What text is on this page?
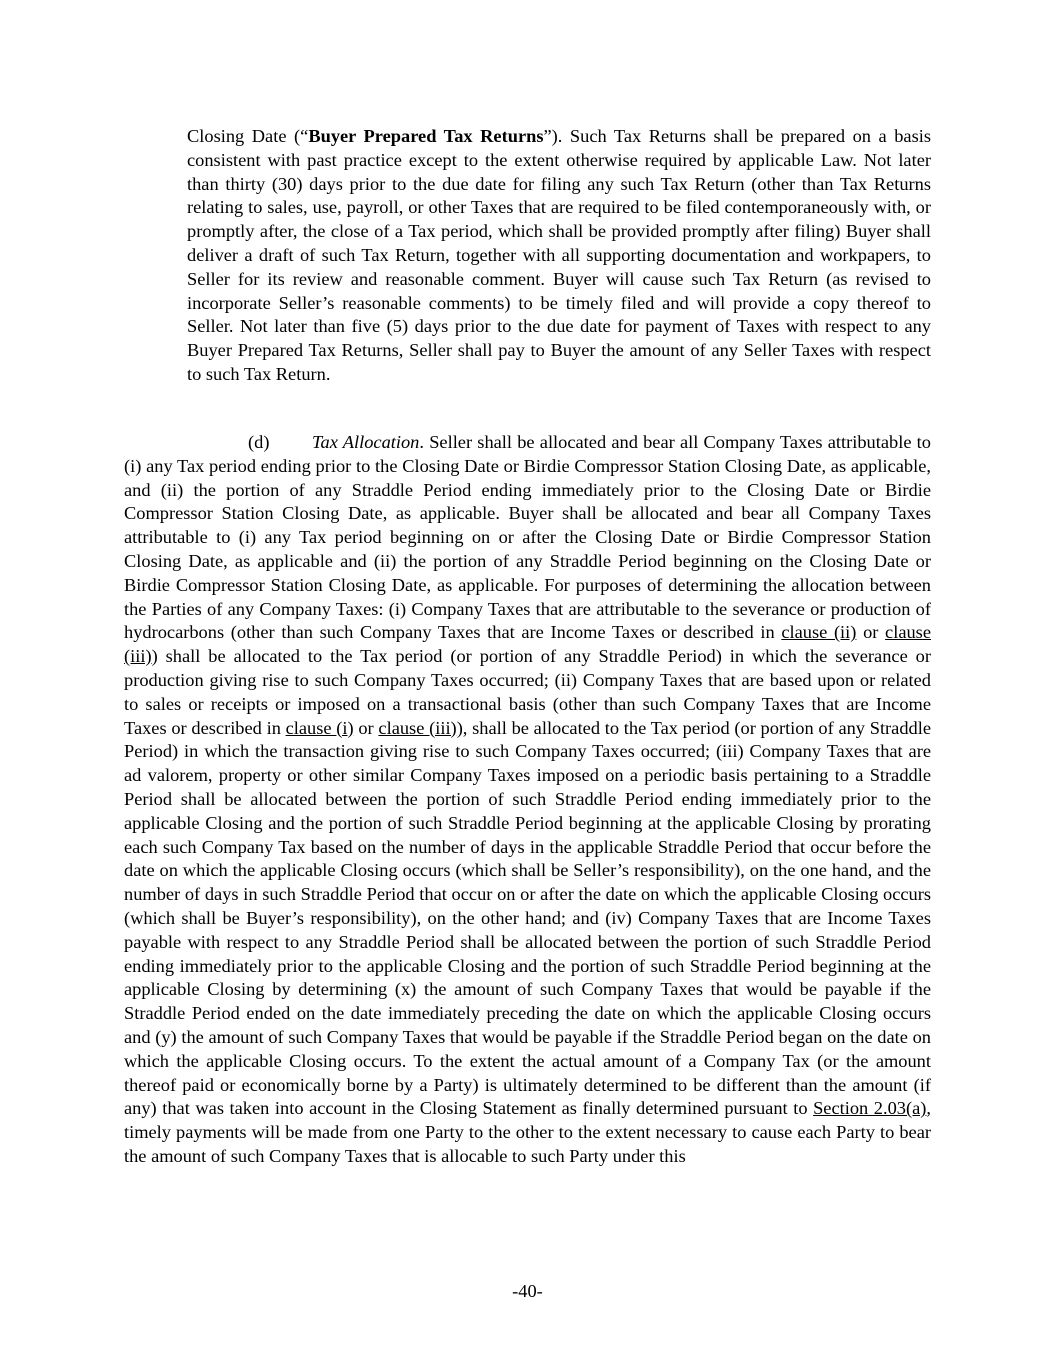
Closing Date (“Buyer Prepared Tax Returns”). Such Tax Returns shall be prepared on a basis consistent with past practice except to the extent otherwise required by applicable Law. Not later than thirty (30) days prior to the due date for filing any such Tax Return (other than Tax Returns relating to sales, use, payroll, or other Taxes that are required to be filed contemporaneously with, or promptly after, the close of a Tax period, which shall be provided promptly after filing) Buyer shall deliver a draft of such Tax Return, together with all supporting documentation and workpapers, to Seller for its review and reasonable comment. Buyer will cause such Tax Return (as revised to incorporate Seller’s reasonable comments) to be timely filed and will provide a copy thereof to Seller. Not later than five (5) days prior to the due date for payment of Taxes with respect to any Buyer Prepared Tax Returns, Seller shall pay to Buyer the amount of any Seller Taxes with respect to such Tax Return.

(d) Tax Allocation. Seller shall be allocated and bear all Company Taxes attributable to (i) any Tax period ending prior to the Closing Date or Birdie Compressor Station Closing Date, as applicable, and (ii) the portion of any Straddle Period ending immediately prior to the Closing Date or Birdie Compressor Station Closing Date, as applicable. Buyer shall be allocated and bear all Company Taxes attributable to (i) any Tax period beginning on or after the Closing Date or Birdie Compressor Station Closing Date, as applicable and (ii) the portion of any Straddle Period beginning on the Closing Date or Birdie Compressor Station Closing Date, as applicable. For purposes of determining the allocation between the Parties of any Company Taxes: (i) Company Taxes that are attributable to the severance or production of hydrocarbons (other than such Company Taxes that are Income Taxes or described in clause (ii) or clause (iii)) shall be allocated to the Tax period (or portion of any Straddle Period) in which the severance or production giving rise to such Company Taxes occurred; (ii) Company Taxes that are based upon or related to sales or receipts or imposed on a transactional basis (other than such Company Taxes that are Income Taxes or described in clause (i) or clause (iii)), shall be allocated to the Tax period (or portion of any Straddle Period) in which the transaction giving rise to such Company Taxes occurred; (iii) Company Taxes that are ad valorem, property or other similar Company Taxes imposed on a periodic basis pertaining to a Straddle Period shall be allocated between the portion of such Straddle Period ending immediately prior to the applicable Closing and the portion of such Straddle Period beginning at the applicable Closing by prorating each such Company Tax based on the number of days in the applicable Straddle Period that occur before the date on which the applicable Closing occurs (which shall be Seller’s responsibility), on the one hand, and the number of days in such Straddle Period that occur on or after the date on which the applicable Closing occurs (which shall be Buyer’s responsibility), on the other hand; and (iv) Company Taxes that are Income Taxes payable with respect to any Straddle Period shall be allocated between the portion of such Straddle Period ending immediately prior to the applicable Closing and the portion of such Straddle Period beginning at the applicable Closing by determining (x) the amount of such Company Taxes that would be payable if the Straddle Period ended on the date immediately preceding the date on which the applicable Closing occurs and (y) the amount of such Company Taxes that would be payable if the Straddle Period began on the date on which the applicable Closing occurs. To the extent the actual amount of a Company Tax (or the amount thereof paid or economically borne by a Party) is ultimately determined to be different than the amount (if any) that was taken into account in the Closing Statement as finally determined pursuant to Section 2.03(a), timely payments will be made from one Party to the other to the extent necessary to cause each Party to bear the amount of such Company Taxes that is allocable to such Party under this

-40-
